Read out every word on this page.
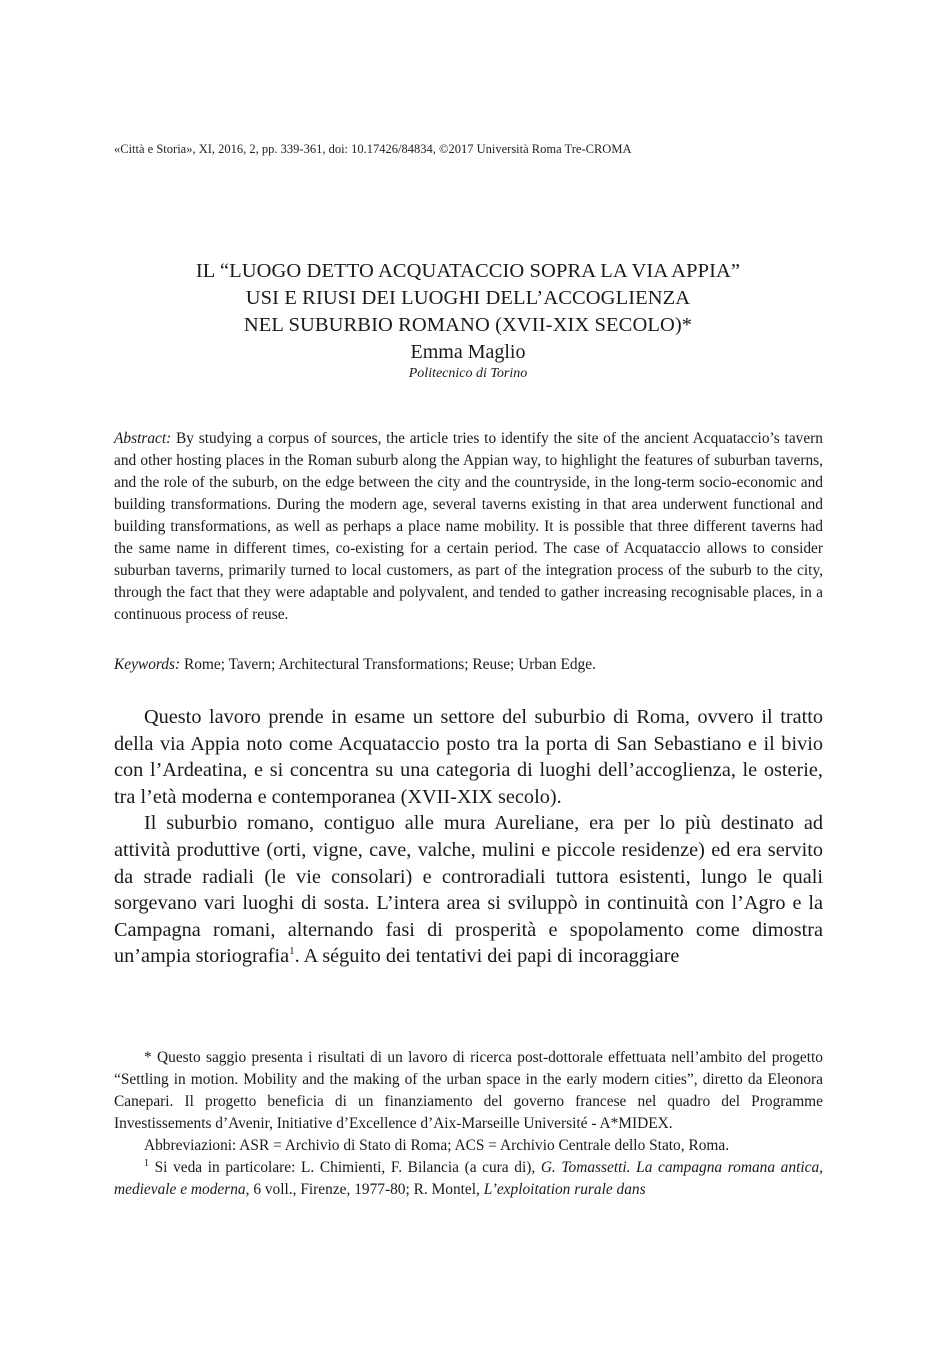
«Città e Storia», XI, 2016, 2, pp. 339-361, doi: 10.17426/84834, ©2017 Università Roma Tre-CROMA
IL “LUOGO DETTO ACQUATACCIO SOPRA LA VIA APPIA”
USI E RIUSI DEI LUOGHI DELL’ACCOGLIENZA
NEL SUBURBIO ROMANO (XVII-XIX SECOLO)*
Emma Maglio
Politecnico di Torino
Abstract: By studying a corpus of sources, the article tries to identify the site of the ancient Acquataccio’s tavern and other hosting places in the Roman suburb along the Appian way, to highlight the features of suburban taverns, and the role of the suburb, on the edge between the city and the countryside, in the long-term socio-economic and building transformations. During the modern age, several taverns existing in that area underwent functional and building transformations, as well as perhaps a place name mobility. It is possible that three different taverns had the same name in different times, co-existing for a certain period. The case of Acquataccio allows to consider suburban taverns, primarily turned to local customers, as part of the integration process of the suburb to the city, through the fact that they were adaptable and polyvalent, and tended to gather increasing recognisable places, in a continuous process of reuse.
Keywords: Rome; Tavern; Architectural Transformations; Reuse; Urban Edge.

Questo lavoro prende in esame un settore del suburbio di Roma, ovvero il tratto della via Appia noto come Acquataccio posto tra la porta di San Sebastiano e il bivio con l’Ardeatina, e si concentra su una categoria di luoghi dell’accoglienza, le osterie, tra l’età moderna e contemporanea (XVII-XIX secolo).

Il suburbio romano, contiguo alle mura Aureliane, era per lo più destinato ad attività produttive (orti, vigne, cave, valche, mulini e piccole residenze) ed era servito da strade radiali (le vie consolari) e controradiali tuttora esistenti, lungo le quali sorgevano vari luoghi di sosta. L’intera area si sviluppò in continuità con l’Agro e la Campagna romani, alternando fasi di prosperità e spopolamento come dimostra un’ampia storiografia$^1$. A séguito dei tentativi dei papi di incoraggiare

* Questo saggio presenta i risultati di un lavoro di ricerca post-dottorale effettuata nell’ambito del progetto “Settling in motion. Mobility and the making of the urban space in the early modern cities”, diretto da Eleonora Canepari. Il progetto beneficia di un finanziamento del governo francese nel quadro del Programme Investissements d’Avenir, Initiative d’Excellence d’Aix-Marseille Université - A*MIDEX.

Abbreviazioni: ASR = Archivio di Stato di Roma; ACS = Archivio Centrale dello Stato, Roma.

$^1$ Si veda in particolare: L. Chimienti, F. Bilancia (a cura di), G. Tomassetti. La campagna romana antica, medievale e moderna, 6 voll., Firenze, 1977-80; R. Montel, L’exploitation rurale dans
